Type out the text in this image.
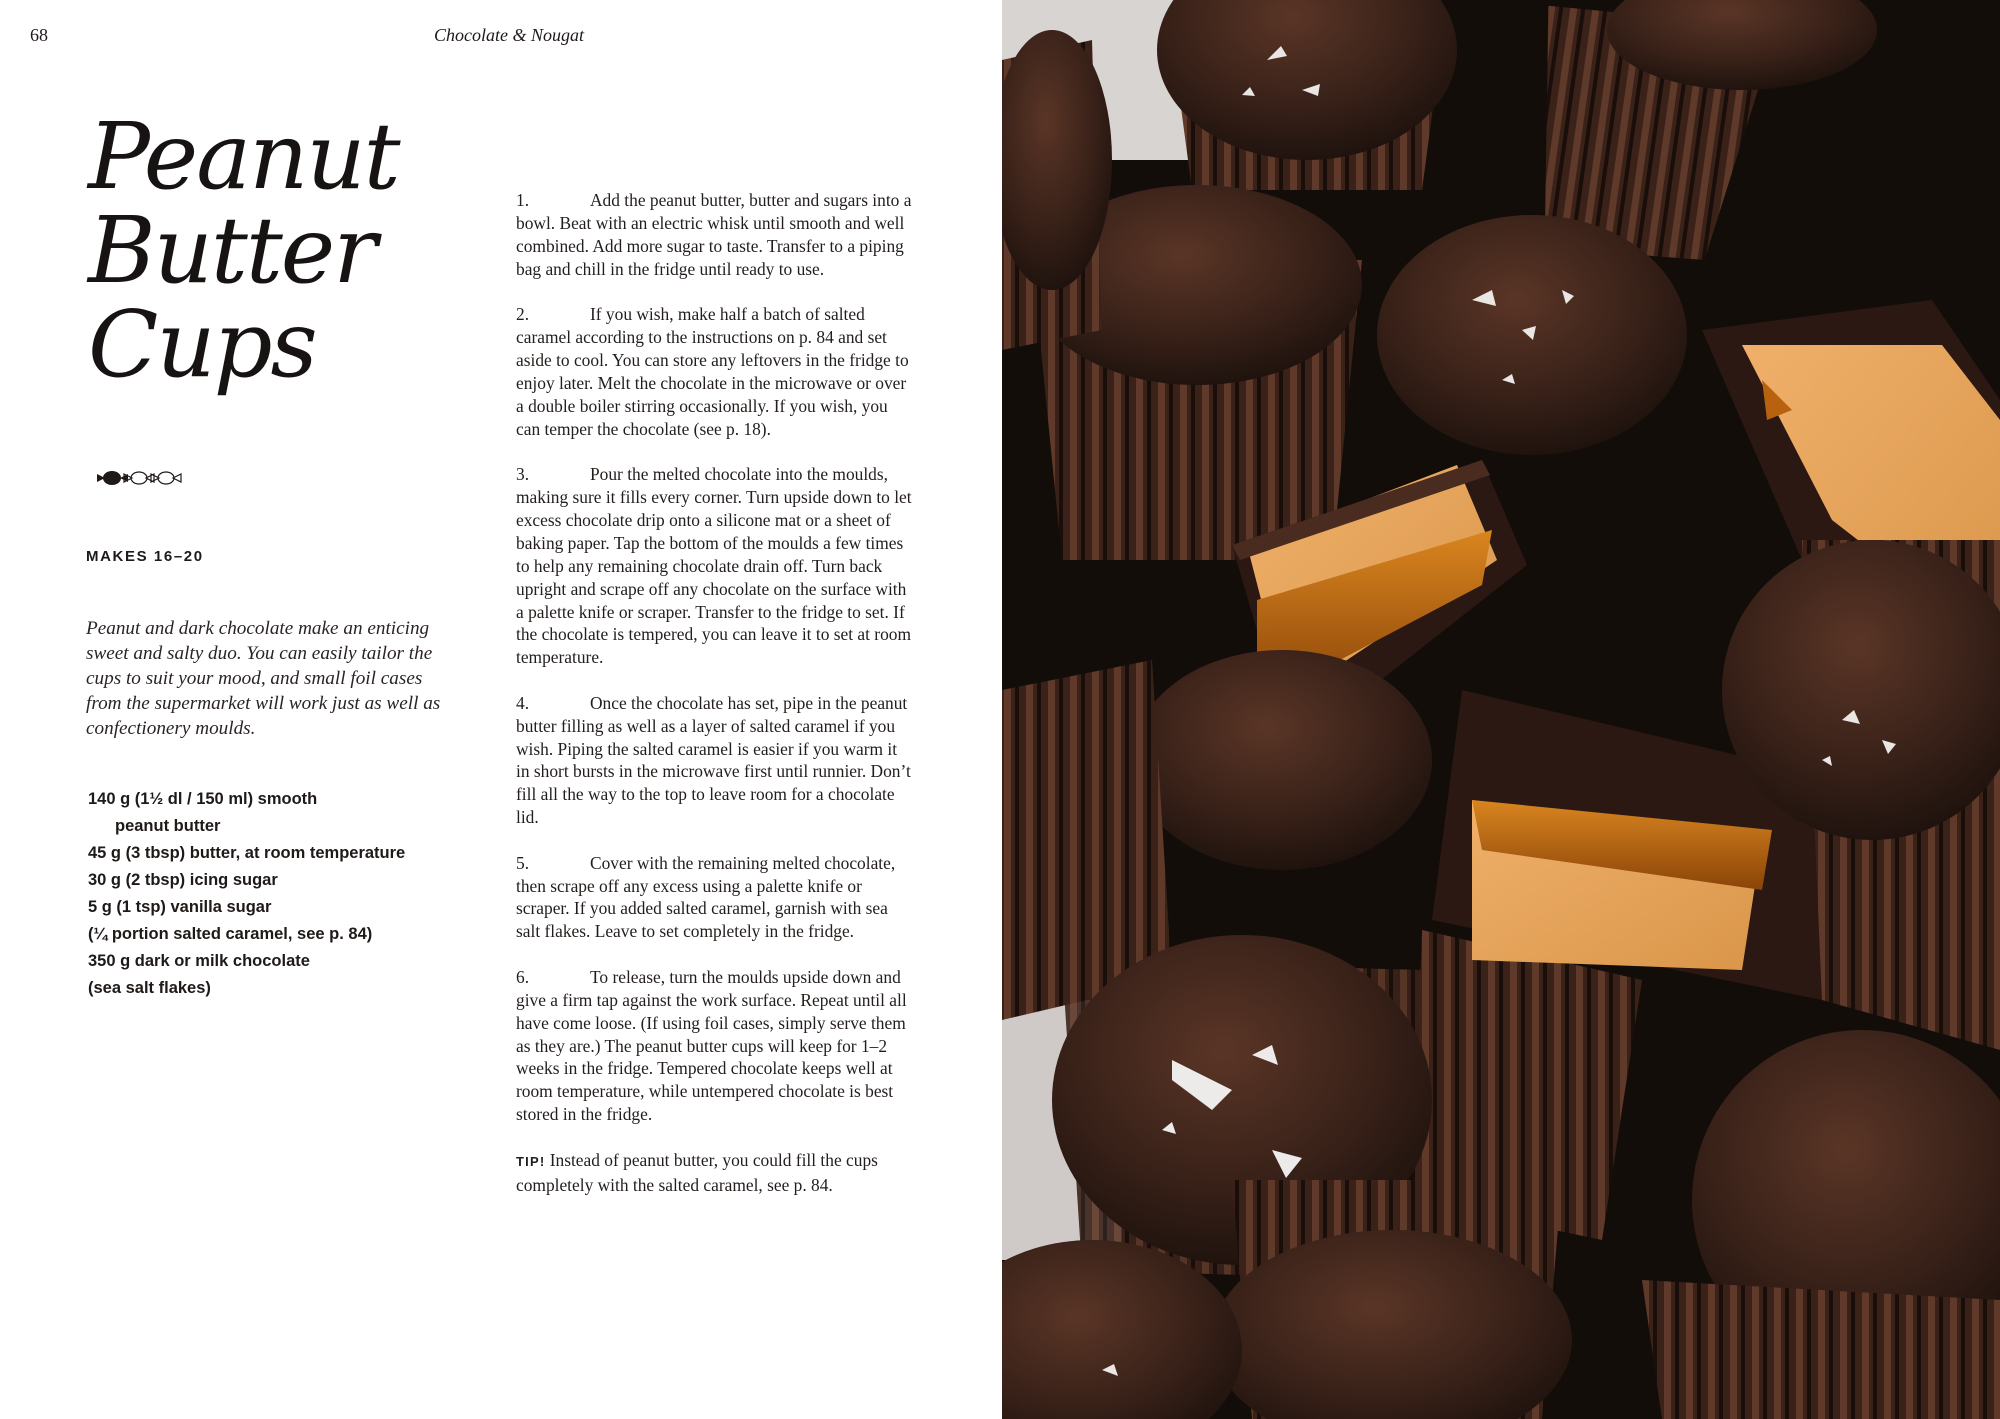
68	Chocolate & Nougat
Peanut
Butter
Cups
MAKES 16–20

Peanut and dark chocolate make an enticing sweet and salty duo. You can easily tailor the cups to suit your mood, and small foil cases from the supermarket will work just as well as confectionery moulds.

140 g (1½ dl / 150 ml) smooth
peanut butter
45 g (3 tbsp) butter, at room temperature
30 g (2 tbsp) icing sugar
5 g (1 tsp) vanilla sugar
(¼ portion salted caramel, see p. 84)
350 g dark or milk chocolate
(sea salt flakes)

1.	Add the peanut butter, butter and sugars into a bowl. Beat with an electric whisk until smooth and well combined. Add more sugar to taste. Transfer to a piping bag and chill in the fridge until ready to use.

2.	If you wish, make half a batch of salted caramel according to the instructions on p. 84 and set aside to cool. You can store any leftovers in the fridge to enjoy later. Melt the chocolate in the microwave or over a double boiler stirring occasionally. If you wish, you can temper the chocolate (see p. 18).

3.	Pour the melted chocolate into the moulds, making sure it fills every corner. Turn upside down to let excess chocolate drip onto a silicone mat or a sheet of baking paper. Tap the bottom of the moulds a few times to help any remaining chocolate drain off. Turn back upright and scrape off any chocolate on the surface with a palette knife or scraper. Transfer to the fridge to set. If the chocolate is tempered, you can leave it to set at room temperature.

4.	Once the chocolate has set, pipe in the peanut butter filling as well as a layer of salted caramel if you wish. Piping the salted caramel is easier if you warm it in short bursts in the microwave first until runnier. Don’t fill all the way to the top to leave room for a chocolate lid.

5.	Cover with the remaining melted chocolate, then scrape off any excess using a palette knife or scraper. If you added salted caramel, garnish with sea salt flakes. Leave to set completely in the fridge.

6.	To release, turn the moulds upside down and give a firm tap against the work surface. Repeat until all have come loose. (If using foil cases, simply serve them as they are.) The peanut butter cups will keep for 1–2 weeks in the fridge. Tempered chocolate keeps well at room temperature, while untempered chocolate is best stored in the fridge.

TIP! Instead of peanut butter, you could fill the cups completely with the salted caramel, see p. 84.
